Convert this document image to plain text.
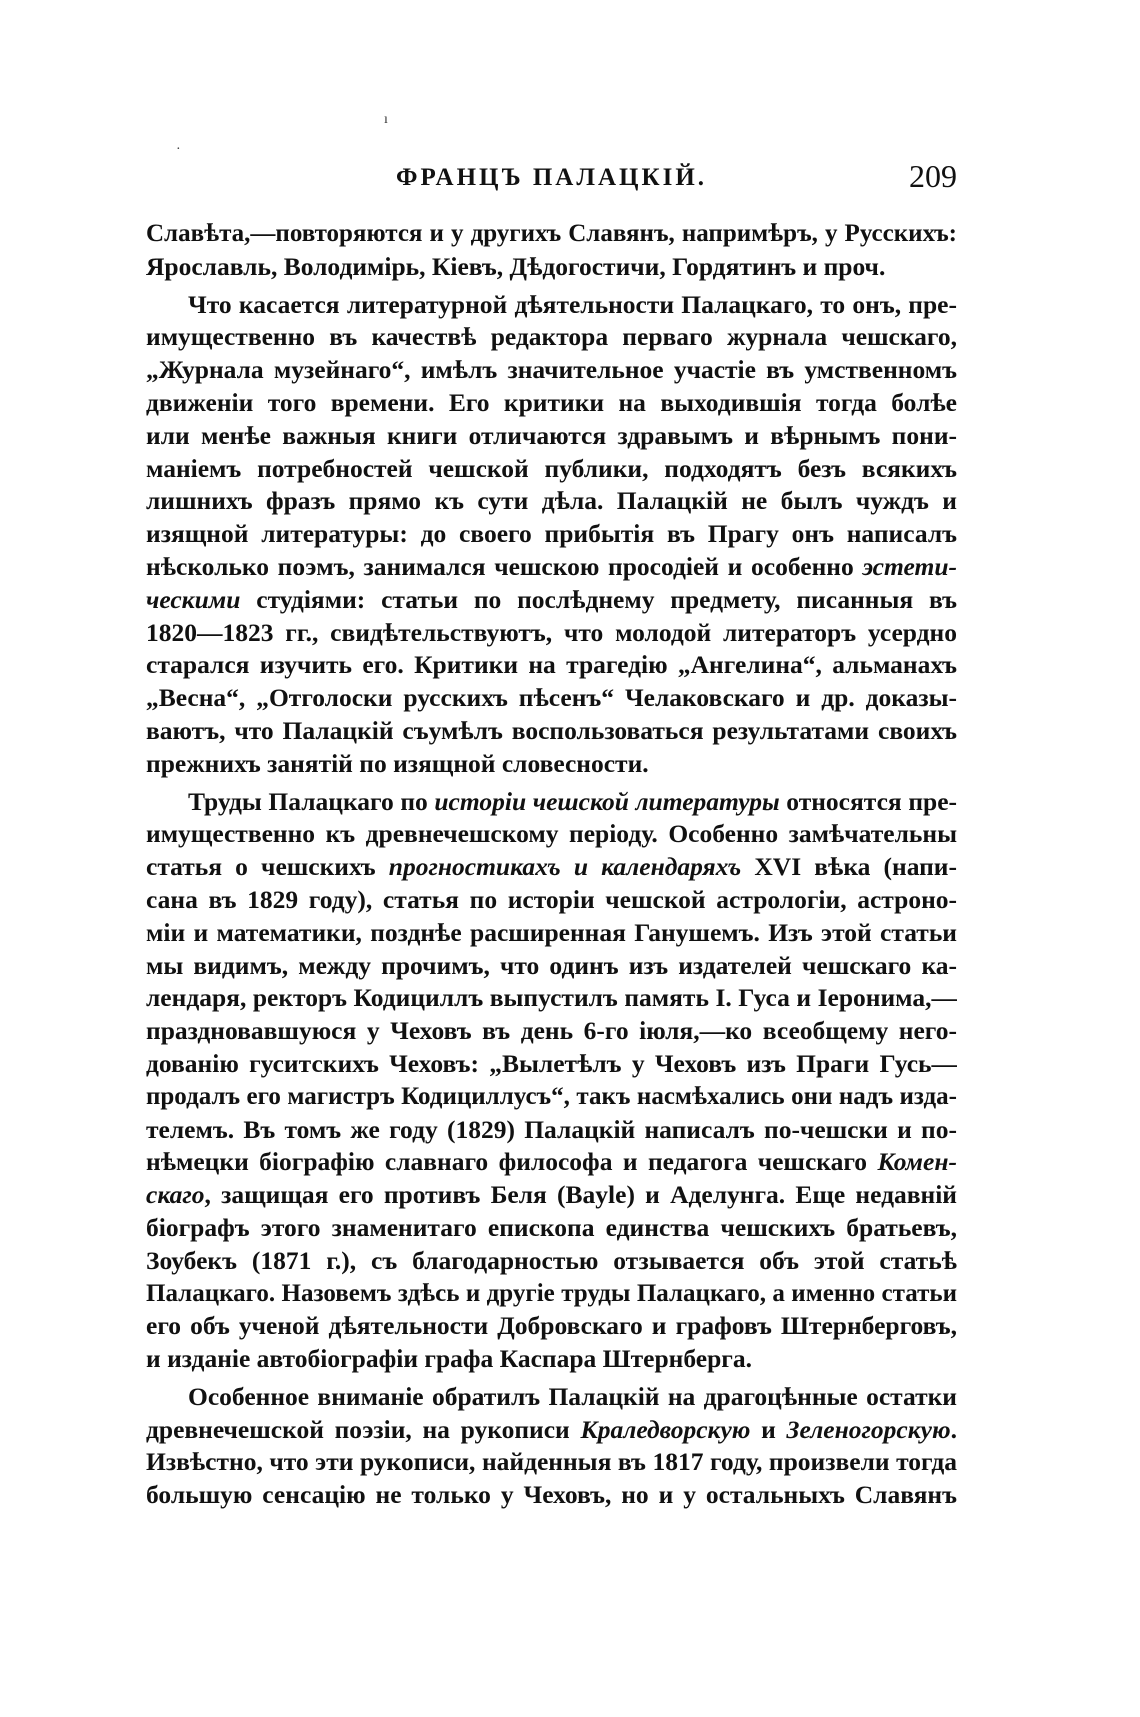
ı
·
ФРАНЦЪ ПАЛАЦКІЙ.	209

Славѣта,—повторяются и у другихъ Славянъ, напримѣръ, у Русскихъ:
Ярославль, Володимірь, Кіевъ, Дѣдогостичи, Гордятинъ и проч.

Что касается литературной дѣятельности Палацкаго, то онъ, пре-
имущественно въ качествѣ редактора перваго журнала чешскаго,
„Журнала музейнаго“, имѣлъ значительное участіе въ умственномъ
движеніи того времени. Его критики на выходившія тогда болѣе
или менѣе важныя книги отличаются здравымъ и вѣрнымъ пони-
маніемъ потребностей чешской публики, подходятъ безъ всякихъ
лишнихъ фразъ прямо къ сути дѣла. Палацкій не былъ чуждъ и
изящной литературы: до своего прибытія въ Прагу онъ написалъ
нѣсколько поэмъ, занимался чешскою просодіей и особенно эстети-
ческими студіями: статьи по послѣднему предмету, писанныя въ
1820—1823 гг., свидѣтельствуютъ, что молодой литераторъ усердно
старался изучить его. Критики на трагедію „Ангелина“, альманахъ
„Весна“, „Отголоски русскихъ пѣсенъ“ Челаковскаго и др. доказы-
ваютъ, что Палацкій съумѣлъ воспользоваться результатами своихъ
прежнихъ занятій по изящной словесности.

Труды Палацкаго по исторіи чешской литературы относятся пре-
имущественно къ древнечешскому періоду. Особенно замѣчательны
статья о чешскихъ прогностикахъ и календаряхъ XVI вѣка (напи-
сана въ 1829 году), статья по исторіи чешской астрологіи, астроно-
міи и математики, позднѣе расширенная Ганушемъ. Изъ этой статьи
мы видимъ, между прочимъ, что одинъ изъ издателей чешскаго ка-
лендаря, ректоръ Кодициллъ выпустилъ память І. Гуса и Іеронима,—
праздновавшуюся у Чеховъ въ день 6-го іюля,—ко всеобщему него-
дованію гуситскихъ Чеховъ: „Вылетѣлъ у Чеховъ изъ Праги Гусь—
продалъ его магистръ Кодициллусъ“, такъ насмѣхались они надъ изда-
телемъ. Въ томъ же году (1829) Палацкій написалъ по-чешски и по-
нѣмецки біографію славнаго философа и педагога чешскаго Комен-
скаго, защищая его противъ Беля (Bayle) и Аделунга. Еще недавній
біографъ этого знаменитаго епископа единства чешскихъ братьевъ,
Зоубекъ (1871 г.), съ благодарностью отзывается объ этой статьѣ
Палацкаго. Назовемъ здѣсь и другіе труды Палацкаго, а именно статьи
его объ ученой дѣятельности Добровскаго и графовъ Штернберговъ,
и изданіе автобіографіи графа Каспара Штернберга.

Особенное вниманіе обратилъ Палацкій на драгоцѣнные остатки
древнечешской поэзіи, на рукописи Краледворскую и Зеленогорскую.
Извѣстно, что эти рукописи, найденныя въ 1817 году, произвели тогда
большую сенсацію не только у Чеховъ, но и у остальныхъ Славянъ
